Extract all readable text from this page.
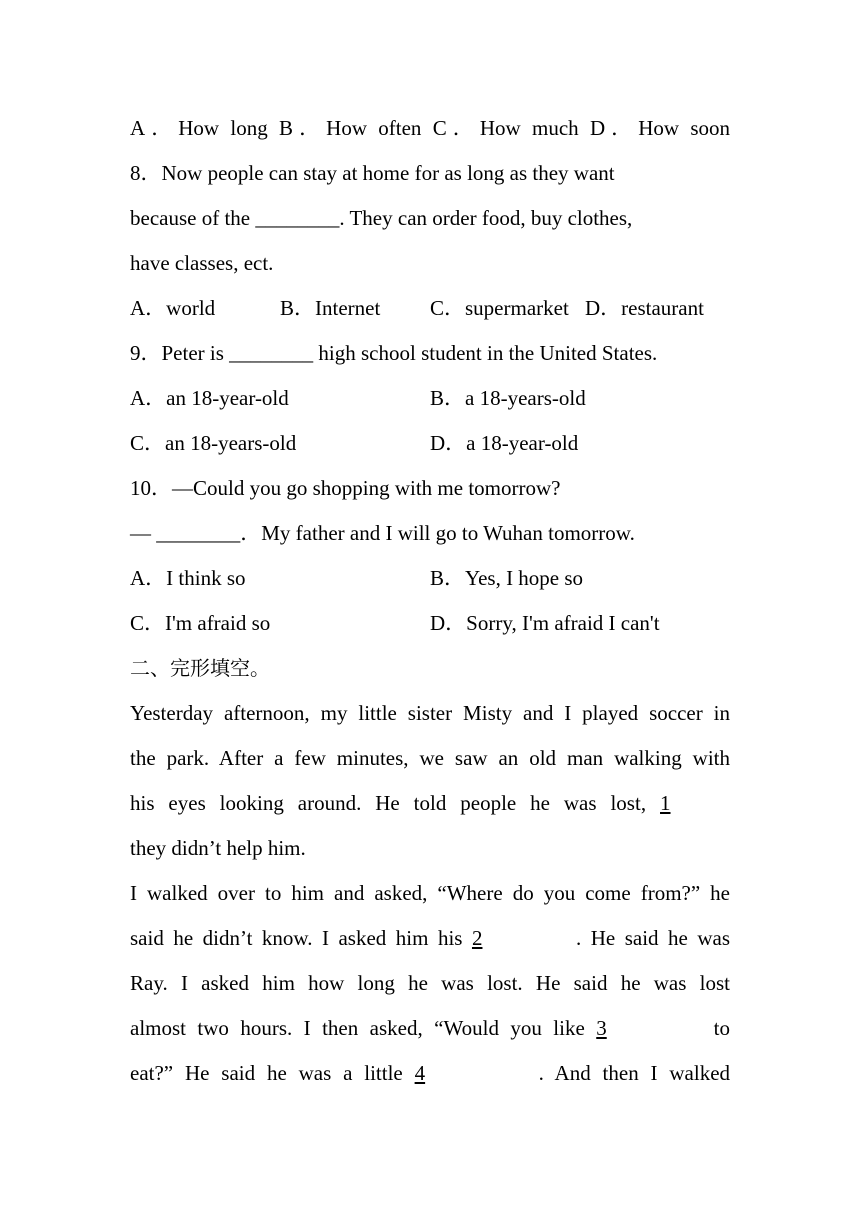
A．How long B．How often C．How much D．How soon
8．Now people can stay at home for as long as they want
because of the ________. They can order food, buy clothes,
have classes, ect.
A．world	B．Internet C．supermarket D．restaurant
9．Peter is ________ high school student in the United States.
A．an 18-year-old	B．a 18-years-old
C．an 18-years-old	D．a 18-year-old
10．—Could you go shopping with me tomorrow?
— ________．My father and I will go to Wuhan tomorrow.
A．I think so	B．Yes, I hope so
C．I'm afraid so	D．Sorry, I'm afraid I can't
二、完形填空。
Yesterday afternoon, my little sister Misty and I played soccer in
the park. After a few minutes, we saw an old man walking with
his eyes looking around. He told people he was lost, 1
they didn’t help him.
I walked over to him and asked, “Where do you come from?” he
said he didn’t know. I asked him his 2	. He said he was
Ray. I asked him how long he was lost. He said he was lost
almost two hours. I then asked, “Would you like 3	to
eat?” He said he was a little 4	. And then I walked
